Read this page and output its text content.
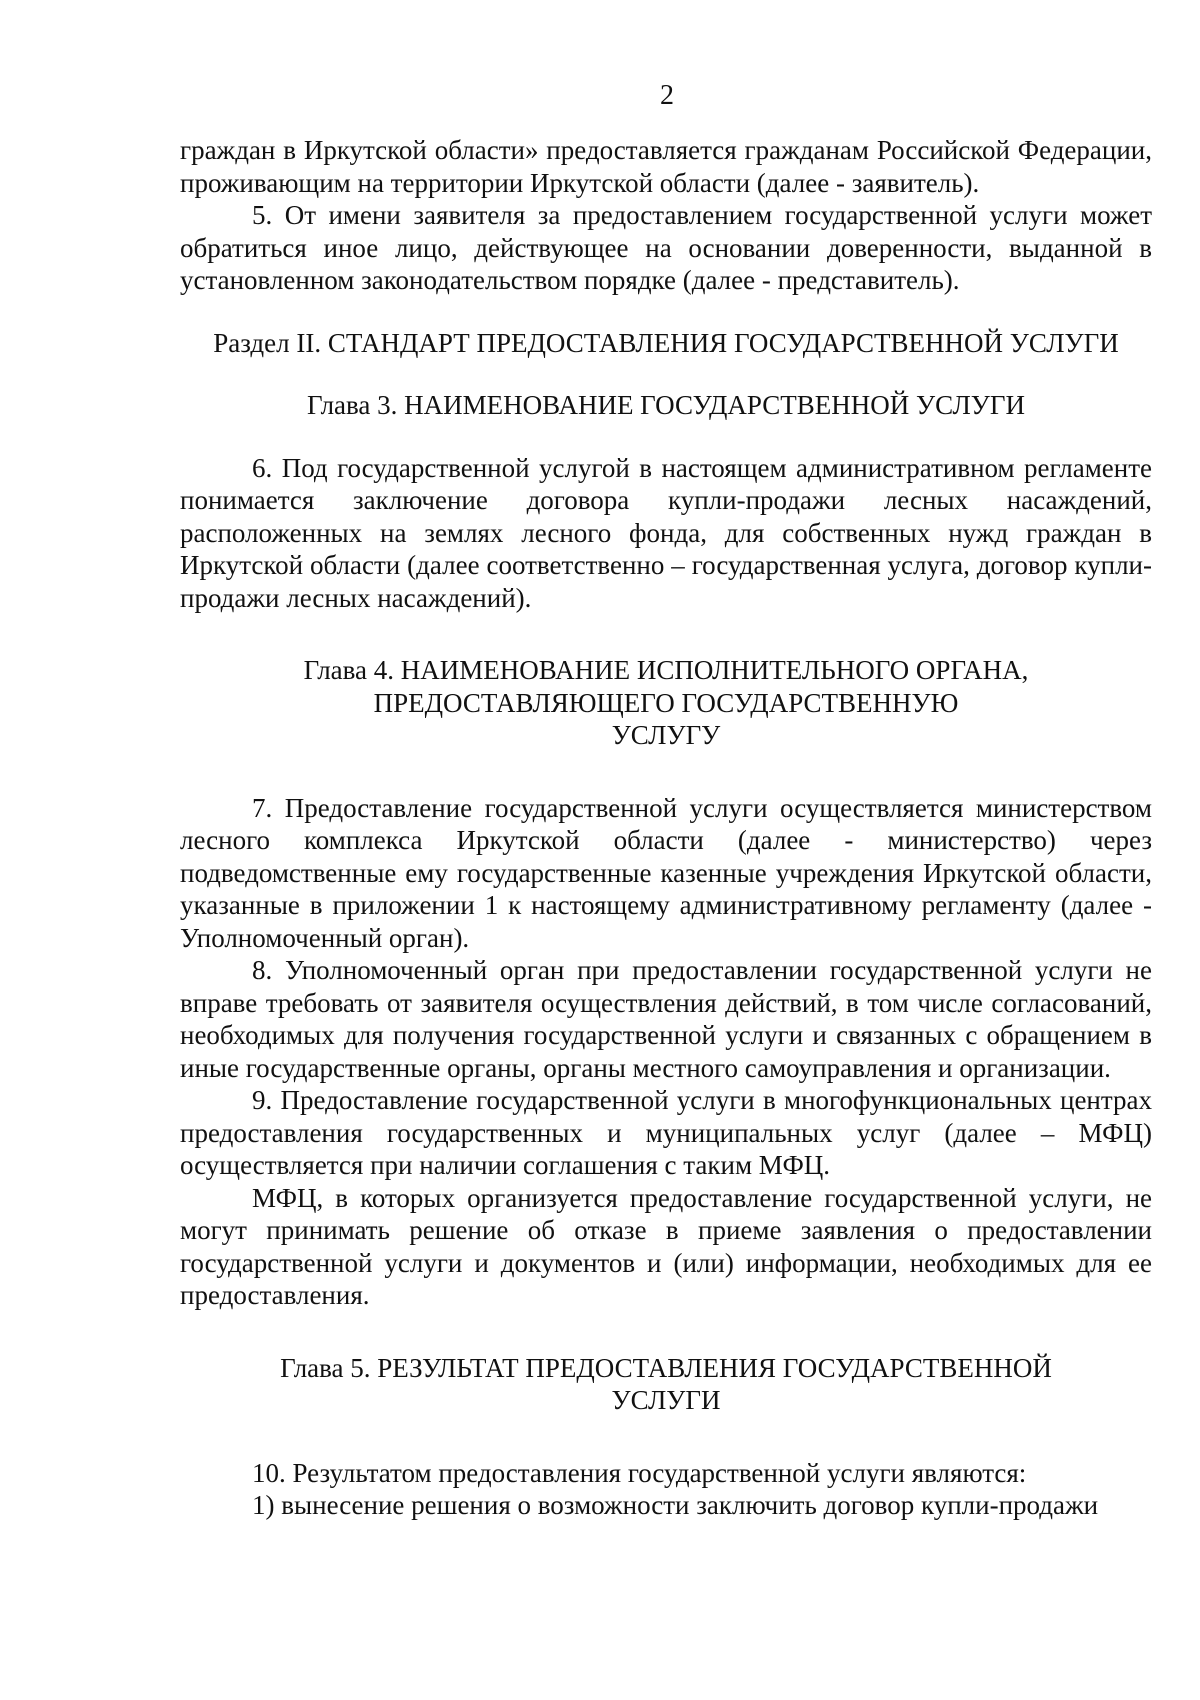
2

граждан в Иркутской области» предоставляется гражданам Российской Федерации, проживающим на территории Иркутской области (далее - заявитель).

5. От имени заявителя за предоставлением государственной услуги может обратиться иное лицо, действующее на основании доверенности, выданной в установленном законодательством порядке (далее - представитель).

Раздел II. СТАНДАРТ ПРЕДОСТАВЛЕНИЯ ГОСУДАРСТВЕННОЙ УСЛУГИ

Глава 3. НАИМЕНОВАНИЕ ГОСУДАРСТВЕННОЙ УСЛУГИ

6. Под государственной услугой в настоящем административном регламенте понимается заключение договора купли-продажи лесных насаждений, расположенных на землях лесного фонда, для собственных нужд граждан в Иркутской области (далее соответственно – государственная услуга, договор купли-продажи лесных насаждений).

Глава 4. НАИМЕНОВАНИЕ ИСПОЛНИТЕЛЬНОГО ОРГАНА,

ПРЕДОСТАВЛЯЮЩЕГО ГОСУДАРСТВЕННУЮ

УСЛУГУ

7. Предоставление государственной услуги осуществляется министерством лесного комплекса Иркутской области (далее - министерство) через подведомственные ему государственные казенные учреждения Иркутской области, указанные в приложении 1 к настоящему административному регламенту (далее - Уполномоченный орган).

8. Уполномоченный орган при предоставлении государственной услуги не вправе требовать от заявителя осуществления действий, в том числе согласований, необходимых для получения государственной услуги и связанных с обращением в иные государственные органы, органы местного самоуправления и организации.

9. Предоставление государственной услуги в многофункциональных центрах предоставления государственных и муниципальных услуг (далее – МФЦ) осуществляется при наличии соглашения с таким МФЦ.

МФЦ, в которых организуется предоставление государственной услуги, не могут принимать решение об отказе в приеме заявления о предоставлении государственной услуги и документов и (или) информации, необходимых для ее предоставления.

Глава 5. РЕЗУЛЬТАТ ПРЕДОСТАВЛЕНИЯ ГОСУДАРСТВЕННОЙ

УСЛУГИ

10. Результатом предоставления государственной услуги являются:

1) вынесение решения о возможности заключить договор купли-продажи
